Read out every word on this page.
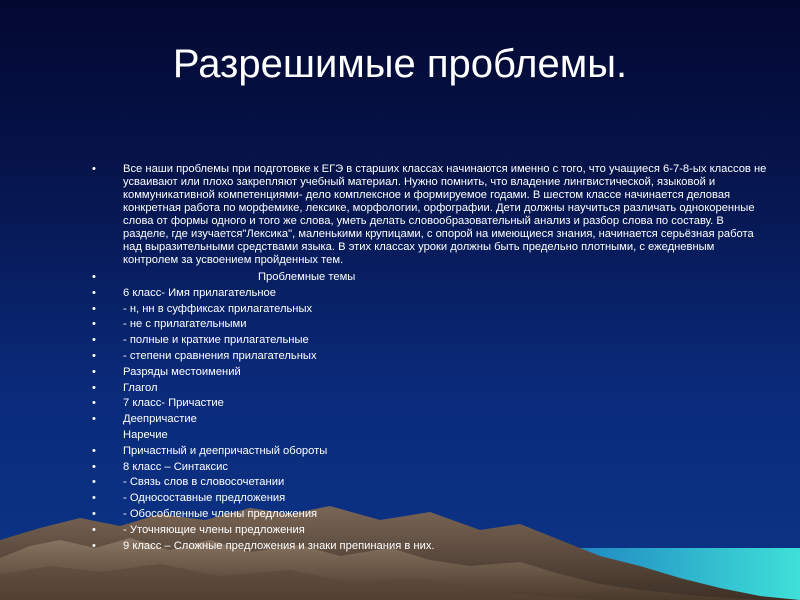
Разрешимые проблемы.
• Все наши проблемы при подготовке к ЕГЭ в старших классах начинаются именно с того, что учащиеся 6-7-8-ых классов не усваивают или плохо закрепляют учебный материал. Нужно помнить, что владение лингвистической, языковой и коммуникативной компетенциями- дело комплексное и формируемое годами. В шестом классе начинается деловая конкретная работа по морфемике, лексике, морфологии, орфографии. Дети должны научиться различать однокоренные слова от формы одного и того же слова, уметь делать словообразовательный анализ и разбор слова по составу. В разделе, где изучается"Лексика", маленькими крупицами, с опорой на имеющиеся знания, начинается серьёзная работа над выразительными средствами языка. В этих классах уроки должны быть предельно плотными, с ежедневным контролем за усвоением пройденных тем.
•	Проблемные темы
• 6 класс- Имя прилагательное
• - н, нн в суффиксах прилагательных
• - не с прилагательными
• - полные и краткие прилагательные
• - степени сравнения прилагательных
• Разряды местоимений
• Глагол
• 7 класс- Причастие
• Деепричастие
Наречие
• Причастный и деепричастный обороты
• 8 класс – Синтаксис
• - Связь слов в словосочетании
• - Односоставные предложения
• - Обособленные члены предложения
• - Уточняющие члены предложения
• 9 класс – Сложные предложения и знаки препинания в них.
